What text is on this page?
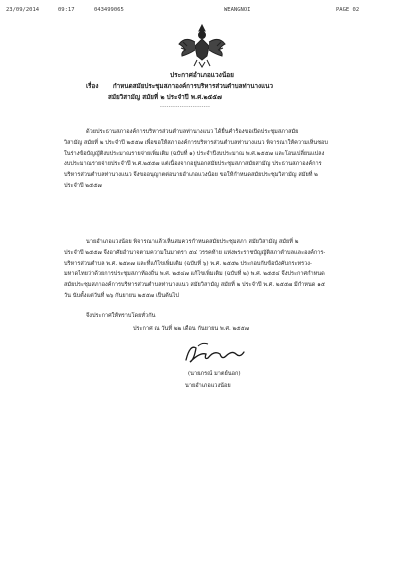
23/09/2014	09:17	043499065	WEANGNOI	PAGE 02
ประกาศอำเภอแวงน้อย
เรื่อง กำหนดสมัยประชุมสภาองค์การบริหารส่วนตำบลท่านางแนว
สมัยวิสามัญ สมัยที่ ๒ ประจำปี พ.ศ.๒๕๕๗
-----------------------
ด้วยประธานสภาองค์การบริหารส่วนตำบลท่านางแนว ได้ยื่นคำร้องขอเปิดประชุมสภาสมัย
วิสามัญ สมัยที่ ๒ ประจำปี ๒๕๕๗ เพื่อขอให้สภาองค์การบริหารส่วนตำบลท่านางแนว พิจารณาให้ความเห็นชอบ
ในร่างข้อบัญญัติงบประมาณรายจ่ายเพิ่มเติม (ฉบับที่ ๑) ประจำปีงบประมาณ พ.ศ.๒๕๕๗ และโอนเปลี่ยนแปลง
งบประมาณรายจ่ายประจำปี พ.ศ.๒๕๕๗ แต่เนื่องจากอยู่นอกสมัยประชุมสภาสมัยสามัญ ประธานสภาองค์การ
บริหารส่วนตำบลท่านางแนว จึงขออนุญาตต่อนายอำเภอแวงน้อย ขอให้กำหนดสมัยประชุมวิสามัญ สมัยที่ ๒
ประจำปี ๒๕๕๗
นายอำเภอแวงน้อย พิจารณาแล้วเห็นสมควรกำหนดสมัยประชุมสภา สมัยวิสามัญ สมัยที่ ๒
ประจำปี ๒๕๕๗ จึงอาศัยอำนาจตามความในมาตรา ๕๔ วรรคท้าย แห่งพระราชบัญญัติสภาตำบลและองค์การ-
บริหารส่วนตำบล พ.ศ. ๒๕๓๗ และที่แก้ไขเพิ่มเติม (ฉบับที่ ๖) พ.ศ. ๒๕๕๒ ประกอบกับข้อบังคับกระทรวง-
มหาดไทยว่าด้วยการประชุมสภาท้องถิ่น พ.ศ. ๒๕๔๗ แก้ไขเพิ่มเติม (ฉบับที่ ๒) พ.ศ. ๒๕๕๔ จึงประกาศกำหนด
สมัยประชุมสภาองค์การบริหารส่วนตำบลท่านางแนว สมัยวิสามัญ สมัยที่ ๒ ประจำปี พ.ศ. ๒๕๕๗ มีกำหนด ๑๕
วัน นับตั้งแต่วันที่ ๒๖ กันยายน ๒๕๕๗ เป็นต้นไป
จึงประกาศให้ทราบโดยทั่วกัน
ประกาศ ณ วันที่ ๒๒ เดือน กันยายน พ.ศ. ๒๕๕๗
(นายภรณ์ มาตย์นอก)
นายอำเภอแวงน้อย
